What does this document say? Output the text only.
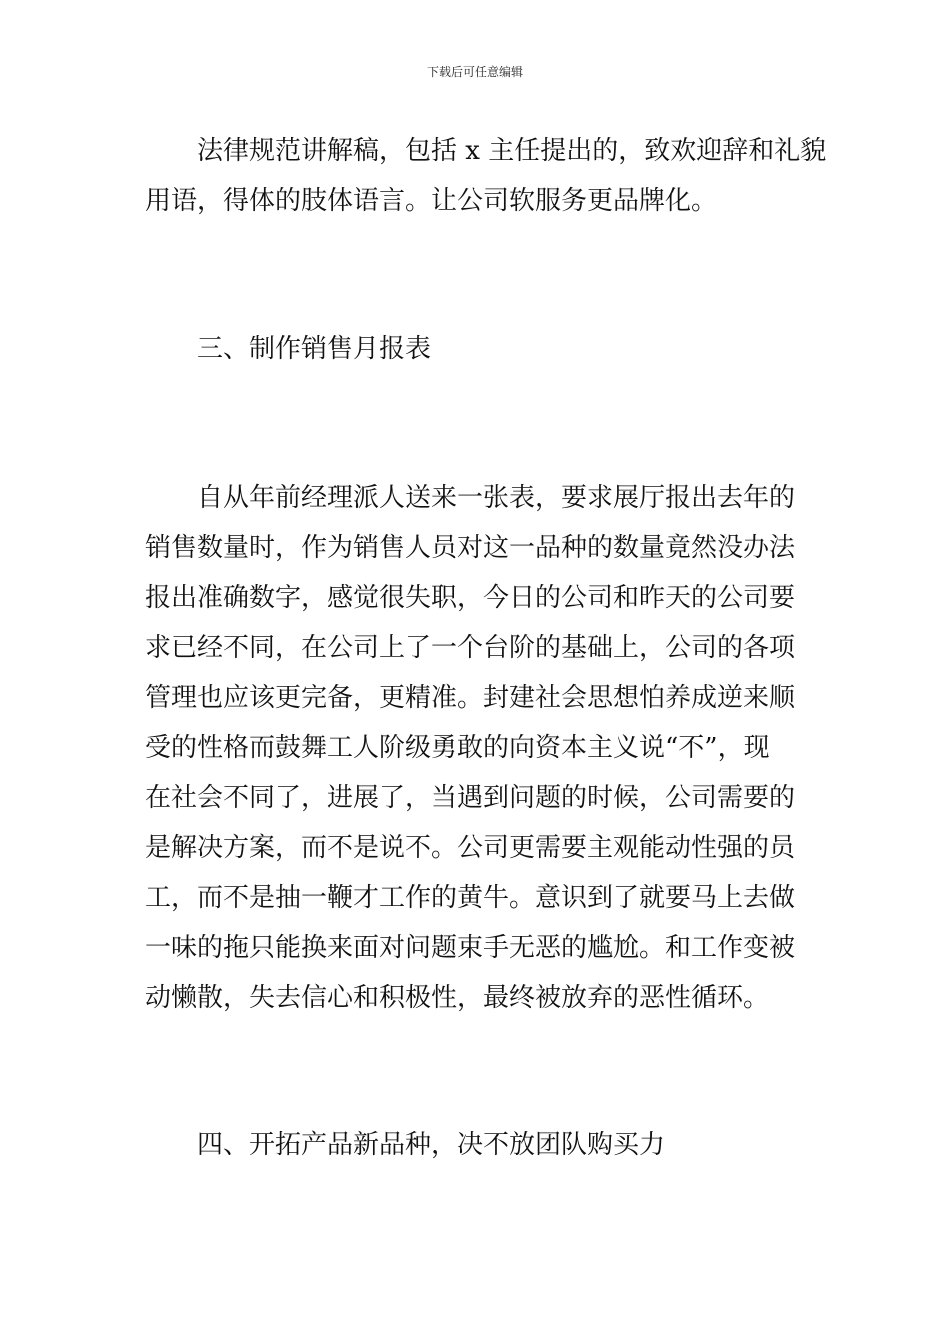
下载后可任意编辑
法律规范讲解稿，包括 x 主任提出的，致欢迎辞和礼貌
用语，得体的肢体语言。让公司软服务更品牌化。
三、制作销售月报表
自从年前经理派人送来一张表，要求展厅报出去年的
销售数量时，作为销售人员对这一品种的数量竟然没办法
报出准确数字，感觉很失职，今日的公司和昨天的公司要
求已经不同，在公司上了一个台阶的基础上，公司的各项
管理也应该更完备，更精准。封建社会思想怕养成逆来顺
受的性格而鼓舞工人阶级勇敢的向资本主义说“不”，现
在社会不同了，进展了，当遇到问题的时候，公司需要的
是解决方案，而不是说不。公司更需要主观能动性强的员
工，而不是抽一鞭才工作的黄牛。意识到了就要马上去做
一味的拖只能换来面对问题束手无恶的尴尬。和工作变被
动懒散，失去信心和积极性，最终被放弃的恶性循环。
四、开拓产品新品种，决不放团队购买力
